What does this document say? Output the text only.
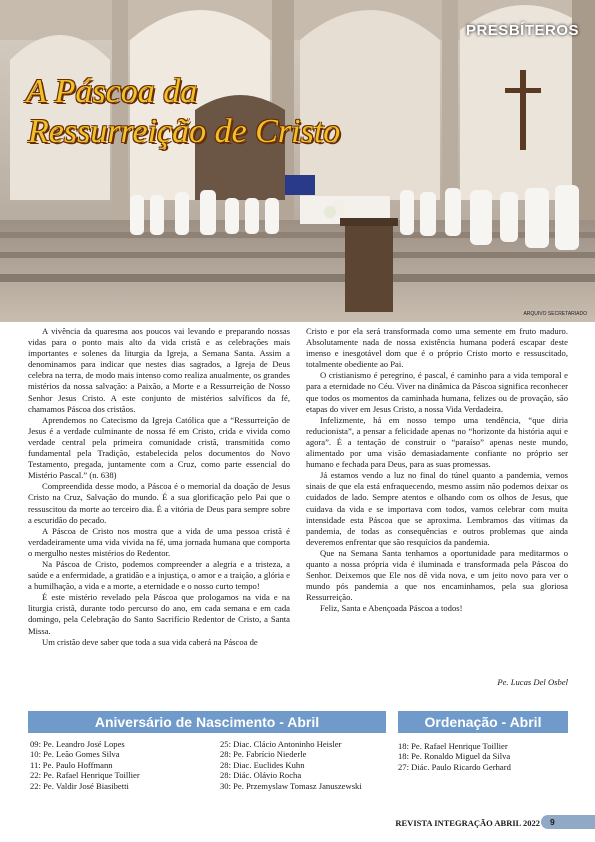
PRESBÍTEROS
A Páscoa da
Ressurreição de Cristo
ARQUIVO SECRETARIADO

A vivência da quaresma aos poucos vai levando e preparando nossas vidas para o ponto mais alto da vida cristã e as celebrações mais importantes e solenes da liturgia da Igreja, a Semana Santa. Assim a denominamos para indicar que nestes dias sagrados, a Igreja de Deus celebra na terra, de modo mais intenso como realiza anualmente, os grandes mistérios da nossa salvação: a Paixão, a Morte e a Ressurreição de Nosso Senhor Jesus Cristo. A este conjunto de mistérios salvíficos da fé, chamamos Páscoa dos cristãos.

Aprendemos no Catecismo da Igreja Católica que a “Ressurreição de Jesus é a verdade culminante de nossa fé em Cristo, crida e vivida como verdade central pela primeira comunidade cristã, transmitida como fundamental pela Tradição, estabelecida pelos documentos do Novo Testamento, pregada, juntamente com a Cruz, como parte essencial do Mistério Pascal.” (n. 638)

Compreendida desse modo, a Páscoa é o memorial da doação de Jesus Cristo na Cruz, Salvação do mundo. É a sua glorificação pelo Pai que o ressuscitou da morte ao terceiro dia. É a vitória de Deus para sempre sobre a escuridão do pecado.

A Páscoa de Cristo nos mostra que a vida de uma pessoa cristã é verdadeiramente uma vida vivida na fé, uma jornada humana que comporta o mergulho nestes mistérios do Redentor.

Na Páscoa de Cristo, podemos compreender a alegria e a tristeza, a saúde e a enfermidade, a gratidão e a injustiça, o amor e a traição, a glória e a humilhação, a vida e a morte, a eternidade e o nosso curto tempo!

É este mistério revelado pela Páscoa que prologamos na vida e na liturgia cristã, durante todo percurso do ano, em cada semana e em cada domingo, pela Celebração do Santo Sacrifício Redentor de Cristo, a Santa Missa.

Um cristão deve saber que toda a sua vida caberá na Páscoa de

Cristo e por ela será transformada como uma semente em fruto maduro. Absolutamente nada de nossa existência humana poderá escapar deste imenso e inesgotável dom que é o próprio Cristo morto e ressuscitado, totalmente obediente ao Pai.

O cristianismo é peregrino, é pascal, é caminho para a vida temporal e para a eternidade no Céu. Viver na dinâmica da Páscoa significa reconhecer que todos os momentos da caminhada humana, felizes ou de provação, são etapas do viver em Jesus Cristo, a nossa Vida Verdadeira.

Infelizmente, há em nosso tempo uma tendência, “que diria reducionista”, a pensar a felicidade apenas no “horizonte da história aqui e agora”. É a tentação de construir o “paraíso” apenas neste mundo, alimentado por uma visão demasiadamente confiante no próprio ser humano e fechada para Deus, para as suas promessas.

Já estamos vendo a luz no final do túnel quanto a pandemia, vemos sinais de que ela está enfraquecendo, mesmo assim não podemos deixar os cuidados de lado. Sempre atentos e olhando com os olhos de Jesus, que cuidava da vida e se importava com todos, vamos celebrar com muita intensidade esta Páscoa que se aproxima. Lembramos das vítimas da pandemia, de todas as consequências e outros problemas que ainda deveremos enfrentar que são resquícios da pandemia.

Que na Semana Santa tenhamos a oportunidade para meditarmos o quanto a nossa própria vida é iluminada e transformada pela Páscoa do Senhor. Deixemos que Ele nos dê vida nova, e um jeito novo para ver o mundo pós pandemia a que nos encaminhamos, pela sua gloriosa Ressurreição.

Feliz, Santa e Abençoada Páscoa a todos!

Pe. Lucas Del Osbel
Aniversário de Nascimento - Abril	Ordenação - Abril
09: Pe. Leandro José Lopes
10: Pe. Leão Gomes Silva
11: Pe. Paulo Hoffmann
22: Pe. Rafael Henrique Toillier
22: Pe. Valdir José Biasibetti
25: Diac. Clácio Antoninho Heisler
28: Pe. Fabrício Niederle
28: Diac. Euclides Kuhn
28: Diác. Olávio Rocha
30: Pe. Przemyslaw Tomasz Januszewski
18: Pe. Rafael Henrique Toillier
18: Pe. Ronaldo Miguel da Silva
27: Diác. Paulo Ricardo Gerhard
REVISTA INTEGRAÇÃO ABRIL 2022	9
